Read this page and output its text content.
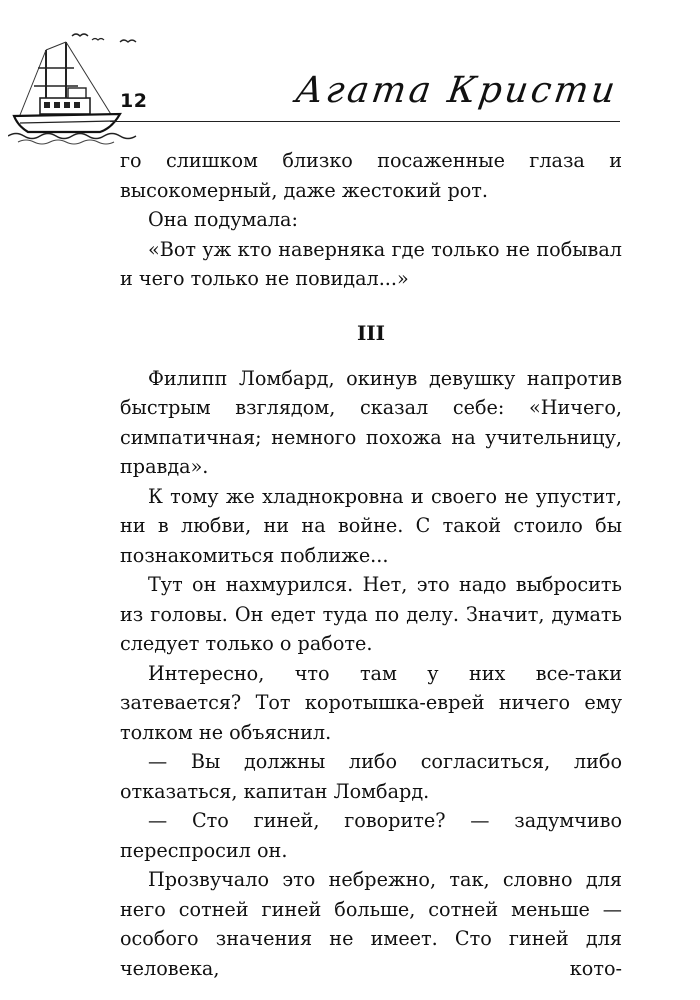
12	Агата Кристи

го слишком близко посаженные глаза и высокомерный, даже жестокий рот.

Она подумала:

«Вот уж кто наверняка где только не побывал и чего только не повидал...»

III

Филипп Ломбард, окинув девушку напротив быстрым взглядом, сказал себе: «Ничего, симпатичная; немного похожа на учительницу, правда».

К тому же хладнокровна и своего не упустит, ни в любви, ни на войне. С такой стоило бы познакомиться поближе...

Тут он нахмурился. Нет, это надо выбросить из головы. Он едет туда по делу. Значит, думать следует только о работе.

Интересно, что там у них все-таки затевается? Тот коротышка-еврей ничего ему толком не объяснил.

— Вы должны либо согласиться, либо отказаться, капитан Ломбард.

— Сто гиней, говорите? — задумчиво переспросил он.

Прозвучало это небрежно, так, словно для него сотней гиней больше, сотней меньше — особого значения не имеет. Сто гиней для человека, кото-
